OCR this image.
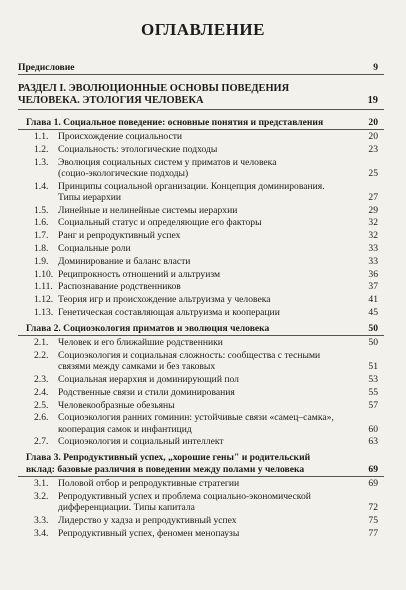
ОГЛАВЛЕНИЕ
Предисловие	9
РАЗДЕЛ I. ЭВОЛЮЦИОННЫЕ ОСНОВЫ ПОВЕДЕНИЯ
ЧЕЛОВЕКА. ЭТОЛОГИЯ ЧЕЛОВЕКА	19
Глава 1. Социальное поведение: основные понятия и представления	20
1.1. Происхождение социальности	20
1.2. Социальность: этологические подходы	23
1.3. Эволюция социальных систем у приматов и человека
(социо-экологические подходы)	25
1.4. Принципы социальной организации. Концепция доминирования.
Типы иерархии	27
1.5. Линейные и нелинейные системы иерархии	29
1.6. Социальный статус и определяющие его факторы	32
1.7. Ранг и репродуктивный успех	32
1.8. Социальные роли	33
1.9. Доминирование и баланс власти	33
1.10. Реципрокность отношений и альтруизм	36
1.11. Распознавание родственников	37
1.12. Теория игр и происхождение альтруизма у человека	41
1.13. Генетическая составляющая альтруизма и кооперации	45
Глава 2. Социоэкология приматов и эволюция человека	50
2.1. Человек и его ближайшие родственники	50
2.2. Социоэкология и социальная сложность: сообщества с тесными
связями между самками и без таковых	51
2.3. Социальная иерархия и доминирующий пол	53
2.4. Родственные связи и стили доминирования	55
2.5. Человекообразные обезьяны	57
2.6. Социоэкология ранних гоминин: устойчивые связи «самец–самка»,
кооперация самок и инфантицид	60
2.7. Социоэкология и социальный интеллект	63
Глава 3. Репродуктивный успех, „хорошие гены" и родительский
вклад: базовые различия в поведении между полами у человека	69
3.1. Половой отбор и репродуктивные стратегии	69
3.2. Репродуктивный успех и проблема социально-экономической
дифференциации. Типы капитала	72
3.3. Лидерство у хадза и репродуктивный успех	75
3.4. Репродуктивный успех, феномен менопаузы	77
